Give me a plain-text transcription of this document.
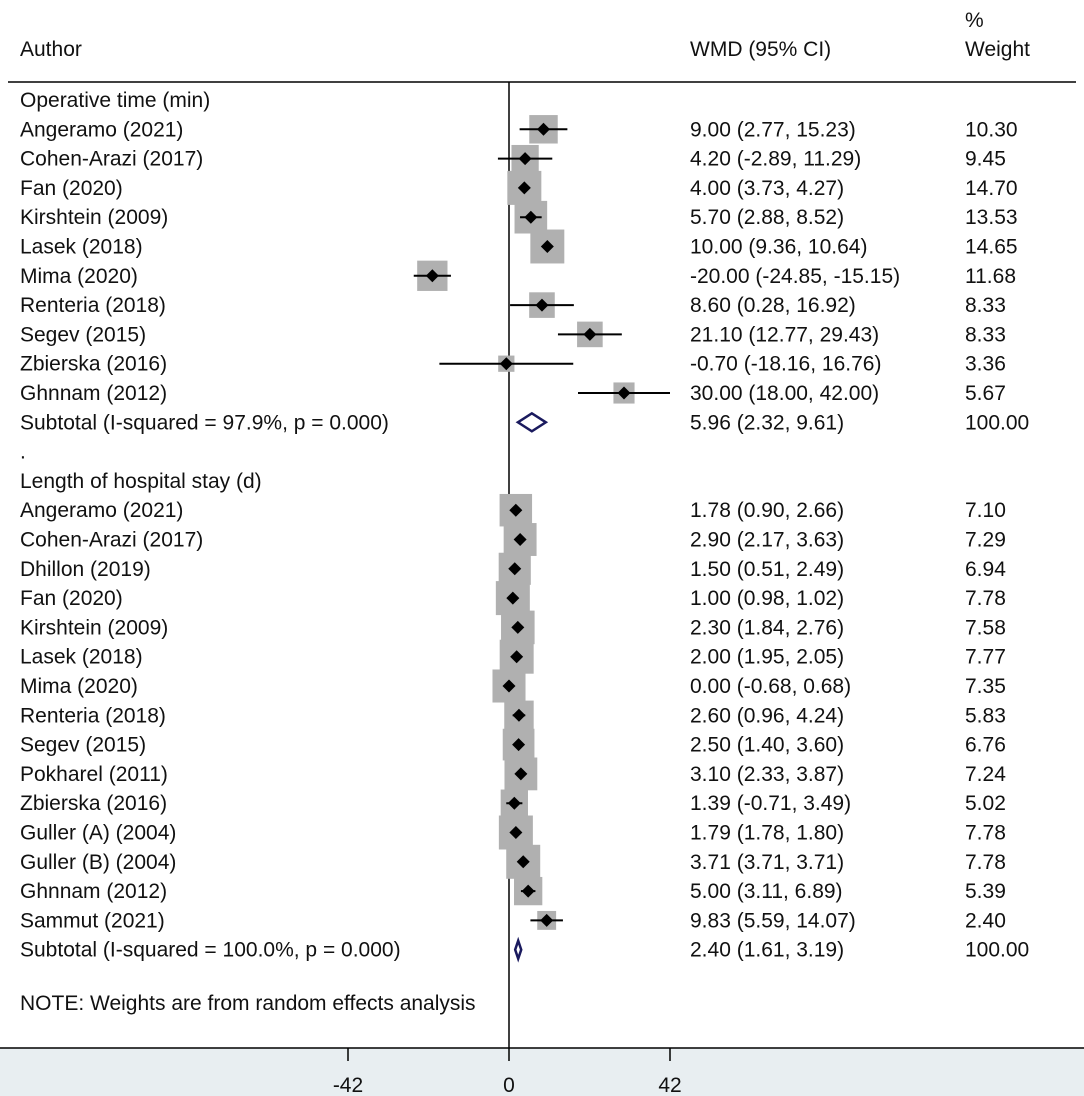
Author	WMD (95% CI)
%
Weight
Operative time (min)
Angeramo (2021)	9.00 (2.77, 15.23)	10.30
Cohen-Arazi (2017)	4.20 (-2.89, 11.29)	9.45
Fan (2020)	4.00 (3.73, 4.27)	14.70
Kirshtein (2009)	5.70 (2.88, 8.52)	13.53
Lasek (2018)	10.00 (9.36, 10.64)	14.65
Mima (2020)	-20.00 (-24.85, -15.15)	11.68
Renteria (2018)	8.60 (0.28, 16.92)	8.33
Segev (2015)	21.10 (12.77, 29.43)	8.33
Zbierska (2016)	-0.70 (-18.16, 16.76)	3.36
Ghnnam (2012)	30.00 (18.00, 42.00)	5.67
Subtotal (I-squared = 97.9%, p = 0.000)	5.96 (2.32, 9.61)	100.00
.
Length of hospital stay (d)
Angeramo (2021)	1.78 (0.90, 2.66)	7.10
Cohen-Arazi (2017)	2.90 (2.17, 3.63)	7.29
Dhillon (2019)	1.50 (0.51, 2.49)	6.94
Fan (2020)	1.00 (0.98, 1.02)	7.78
Kirshtein (2009)	2.30 (1.84, 2.76)	7.58
Lasek (2018)	2.00 (1.95, 2.05)	7.77
Mima (2020)	0.00 (-0.68, 0.68)	7.35
Renteria (2018)	2.60 (0.96, 4.24)	5.83
Segev (2015)	2.50 (1.40, 3.60)	6.76
Pokharel (2011)	3.10 (2.33, 3.87)	7.24
Zbierska (2016)	1.39 (-0.71, 3.49)	5.02
Guller (A) (2004)	1.79 (1.78, 1.80)	7.78
Guller (B) (2004)	3.71 (3.71, 3.71)	7.78
Ghnnam (2012)	5.00 (3.11, 6.89)	5.39
Sammut (2021)	9.83 (5.59, 14.07)	2.40
Subtotal (I-squared = 100.0%, p = 0.000)	2.40 (1.61, 3.19)	100.00
-42	0	42
NOTE: Weights are from random effects analysis
